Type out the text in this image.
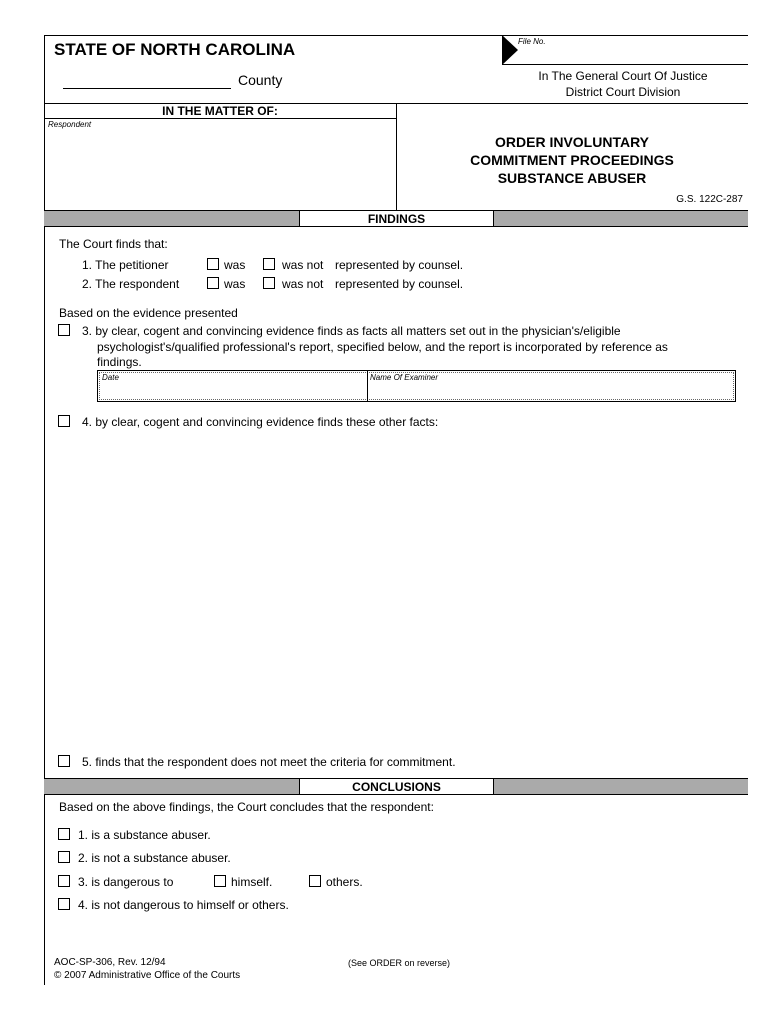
STATE OF NORTH CAROLINA
County
File No.
In The General Court Of Justice
District Court Division
IN THE MATTER OF:
Respondent
ORDER INVOLUNTARY
COMMITMENT PROCEEDINGS
SUBSTANCE ABUSER
G.S. 122C-287
FINDINGS
The Court finds that:
1. The petitioner	was	was not represented by counsel.
2. The respondent	was	was not represented by counsel.
Based on the evidence presented
3. by clear, cogent and convincing evidence finds as facts all matters set out in the physician's/eligible
psychologist's/qualified professional's report, specified below, and the report is incorporated by reference as
findings.
Date	Name Of Examiner
4. by clear, cogent and convincing evidence finds these other facts:
5. finds that the respondent does not meet the criteria for commitment.
CONCLUSIONS
Based on the above findings, the Court concludes that the respondent:
1. is a substance abuser.
2. is not a substance abuser.
3. is dangerous to	himself.	others.
4. is not dangerous to himself or others.
AOC-SP-306, Rev. 12/94
© 2007 Administrative Office of the Courts
(See ORDER on reverse)
